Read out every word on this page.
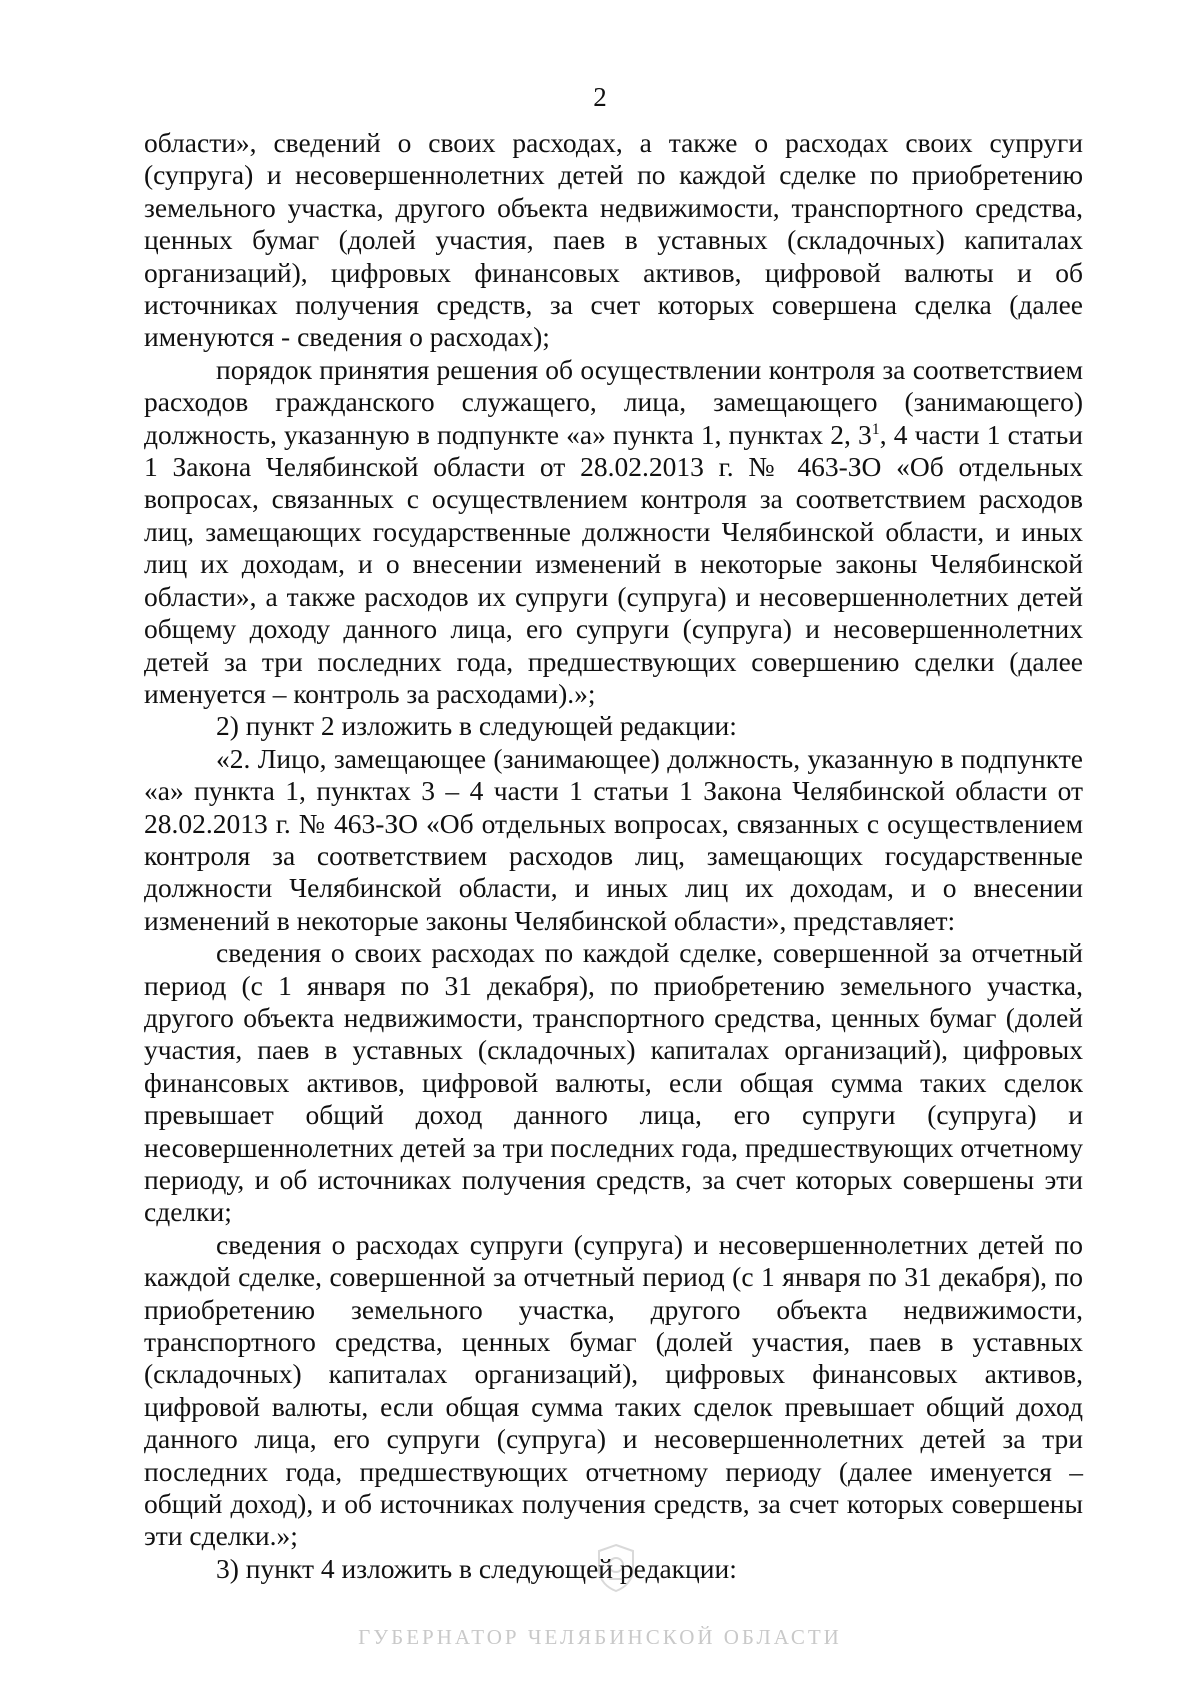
2

области», сведений о своих расходах, а также о расходах своих супруги (супруга) и несовершеннолетних детей по каждой сделке по приобретению земельного участка, другого объекта недвижимости, транспортного средства, ценных бумаг (долей участия, паев в уставных (складочных) капиталах организаций), цифровых финансовых активов, цифровой валюты и об источниках получения средств, за счет которых совершена сделка (далее именуются - сведения о расходах);

порядок принятия решения об осуществлении контроля за соответствием расходов гражданского служащего, лица, замещающего (занимающего) должность, указанную в подпункте «а» пункта 1, пунктах 2, $3^1$, 4 части 1 статьи 1 Закона Челябинской области от 28.02.2013 г. № 463-ЗО «Об отдельных вопросах, связанных с осуществлением контроля за соответствием расходов лиц, замещающих государственные должности Челябинской области, и иных лиц их доходам, и о внесении изменений в некоторые законы Челябинской области», а также расходов их супруги (супруга) и несовершеннолетних детей общему доходу данного лица, его супруги (супруга) и несовершеннолетних детей за три последних года, предшествующих совершению сделки (далее именуется – контроль за расходами).»;

2) пункт 2 изложить в следующей редакции:

«2. Лицо, замещающее (занимающее) должность, указанную в подпункте «а» пункта 1, пунктах 3 – 4 части 1 статьи 1 Закона Челябинской области от 28.02.2013 г. № 463-ЗО «Об отдельных вопросах, связанных с осуществлением контроля за соответствием расходов лиц, замещающих государственные должности Челябинской области, и иных лиц их доходам, и о внесении изменений в некоторые законы Челябинской области», представляет:

сведения о своих расходах по каждой сделке, совершенной за отчетный период (с 1 января по 31 декабря), по приобретению земельного участка, другого объекта недвижимости, транспортного средства, ценных бумаг (долей участия, паев в уставных (складочных) капиталах организаций), цифровых финансовых активов, цифровой валюты, если общая сумма таких сделок превышает общий доход данного лица, его супруги (супруга) и несовершеннолетних детей за три последних года, предшествующих отчетному периоду, и об источниках получения средств, за счет которых совершены эти сделки;

сведения о расходах супруги (супруга) и несовершеннолетних детей по каждой сделке, совершенной за отчетный период (с 1 января по 31 декабря), по приобретению земельного участка, другого объекта недвижимости, транспортного средства, ценных бумаг (долей участия, паев в уставных (складочных) капиталах организаций), цифровых финансовых активов, цифровой валюты, если общая сумма таких сделок превышает общий доход данного лица, его супруги (супруга) и несовершеннолетних детей за три последних года, предшествующих отчетному периоду (далее именуется – общий доход), и об источниках получения средств, за счет которых совершены эти сделки.»;

3) пункт 4 изложить в следующей редакции:

ГУБЕРНАТОР ЧЕЛЯБИНСКОЙ ОБЛАСТИ
